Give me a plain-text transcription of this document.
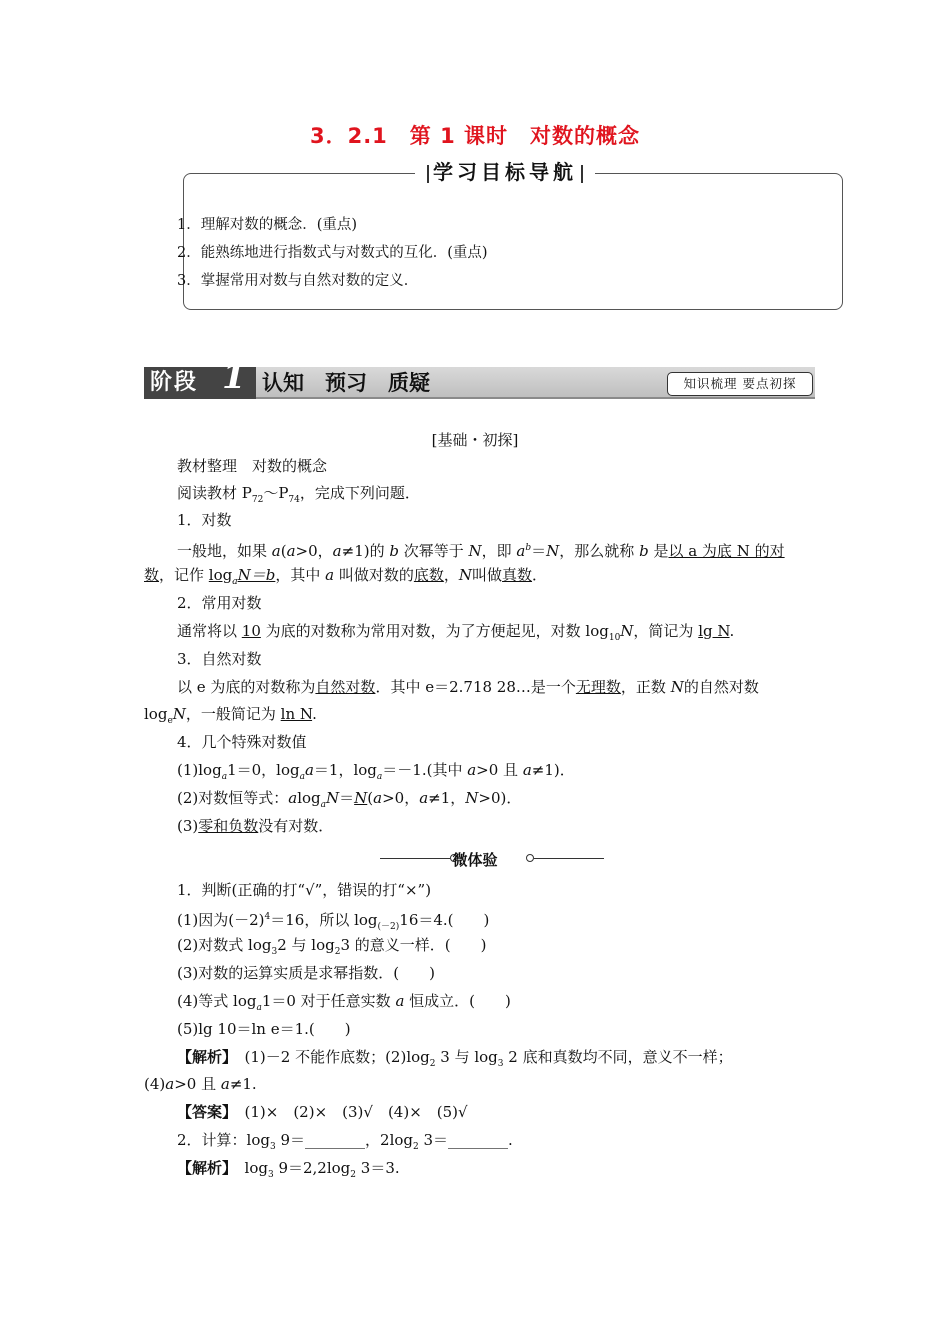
3．2.1　第 1 课时　对数的概念
学习目标导航
1．理解对数的概念．(重点)
2．能熟练地进行指数式与对数式的互化．(重点)
3．掌握常用对数与自然对数的定义．
阶段 1 认知　预习　质疑	知识梳理 要点初探
[基础・初探]
教材整理　对数的概念
阅读教材 $P_{72}\sim P_{74}$，完成下列问题．
1．对数
一般地，如果 a(a>0，a≠1)的 b 次幂等于 N，即 $a^b=N$，那么就称 b 是以 a 为底 N 的对
数，记作 $\log_aN=b$，其中 a 叫做对数的底数，N叫做真数．
2．常用对数
通常将以 10 为底的对数称为常用对数，为了方便起见，对数 $\log_{10}N$，简记为 lg N.
3．自然对数
以 e 为底的对数称为自然对数．其中 e＝2.718 28…是一个无理数，正数 N的自然对数
$\log_eN$，一般简记为 ln N.
4．几个特殊对数值
$(1)\log_a1=0$，$\log_aa=1$，$\log_a=-1$.(其中 a>0 且 a≠1)．
(2)对数恒等式：alog$_a$N＝N(a>0，a≠1，N>0)．
(3)零和负数没有对数．
微体验
1．判断(正确的打“√”，错误的打“×”)
(1)因为$(-2)^4=16$，所以 $\log_{(-2)}16=4$.(　　)
(2)对数式 $\log_32$ 与 $\log_23$ 的意义一样．(　　)
(3)对数的运算实质是求幂指数．(　　)
(4)等式 $\log_a1=0$ 对于任意实数 a 恒成立．(　　)
(5)lg 10＝ln e＝1.(　　)
【解析】　(1)－2 不能作底数；$(2)\log_2$ 3 与 $\log_3 2$ 底和真数均不同，意义不一样；
(4)a>0 且 a≠1.
【答案】　(1)×　(2)×　(3)√　(4)×　(5)√
2．计算：$\log_3$ 9＝________，$2\log_2$ 3＝________.
【解析】　$\log_3 9=2,2\log_2$ 3＝3.
